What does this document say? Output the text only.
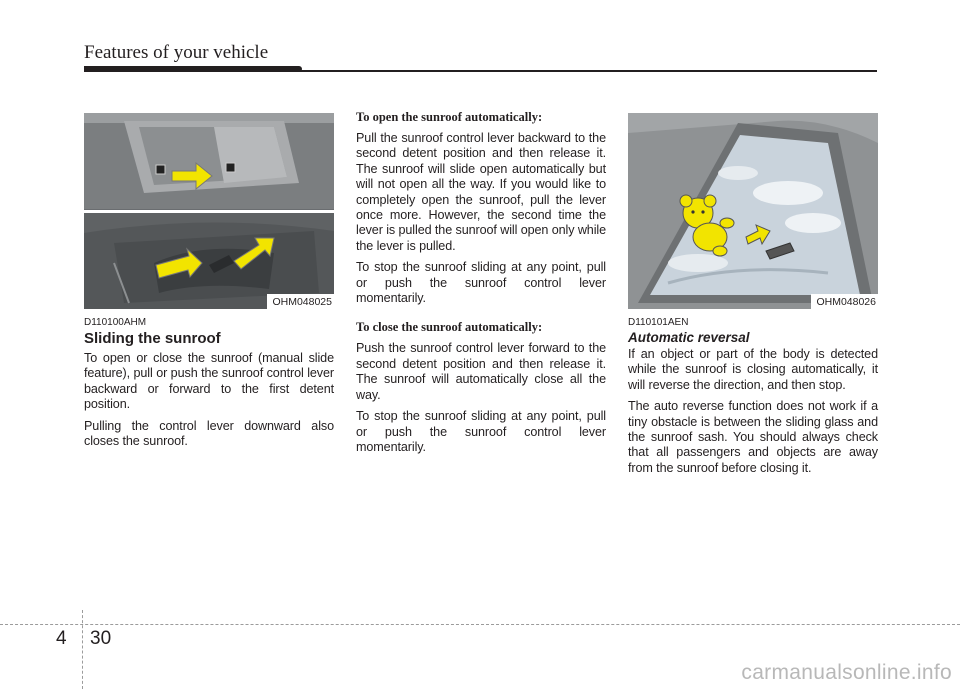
Features of your vehicle
OHM048025
D110100AHM
Sliding the sunroof

To open or close the sunroof (manual slide feature), pull or push the sunroof control lever backward or forward to the first detent position.

Pulling the control lever downward also closes the sunroof.

To open the sunroof automatically:

Pull the sunroof control lever backward to the second detent position and then release it. The sunroof will slide open automatically but will not open all the way. If you would like to completely open the sunroof, pull the lever once more. However, the second time the lever is pulled the sunroof will open only while the lever is pulled.

To stop the sunroof sliding at any point, pull or push the sunroof control lever momentarily.

To close the sunroof automatically:

Push the sunroof control lever forward to the second detent position and then release it. The sunroof will automatically close all the way.

To stop the sunroof sliding at any point, pull or push the sunroof control lever momentarily.

OHM048026
D110101AEN
Automatic reversal

If an object or part of the body is detected while the sunroof is closing automatically, it will reverse the direction, and then stop.

The auto reverse function does not work if a tiny obstacle is between the sliding glass and the sunroof sash. You should always check that all passengers and objects are away from the sunroof before closing it.

4 30
carmanualsonline.info
